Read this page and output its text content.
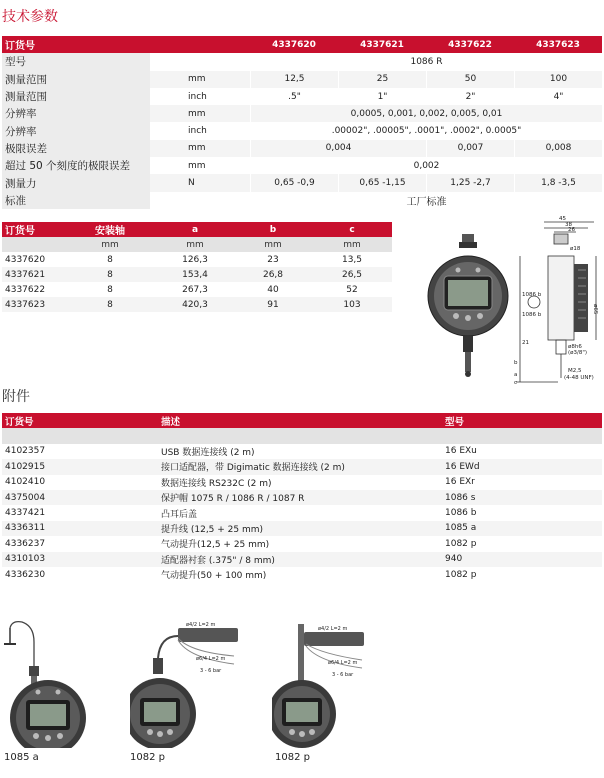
技术参数
订货号		4337620	4337621	4337622	4337623
型号		1086 R			
测量范围	mm	12,5	25	50	100
测量范围	inch	.5"	1"	2"	4"
分辨率	mm	0,0005, 0,001, 0,002, 0,005, 0,01			
分辨率	inch	.00002", .00005", .0001", .0002", 0.0005"			
极限误差	mm	0,004		0,007	0,008
超过 50 个刻度的极限误差	mm	0,002			
测量力	N	0,65 -0,9	0,65 -1,15	1,25 -2,7	1,8 -3,5
标准		工厂标准			
订货号	安装轴	a	b	c
	mm	mm	mm	mm
4337620	8	126,3	23	13,5
4337621	8	153,4	26,8	26,5
4337622	8	267,3	40	52
4337623	8	420,3	91	103
45
38
26
ø18
ø65
1086 b
21
ø8h6
(ø3/8")
M2,5
(4-48 UNF)
a
b
c
1086 b
附件
订货号	描述	型号

4102357	USB 数据连接线 (2 m)	16 EXu
4102915	接口适配器，带 Digimatic 数据连接线 (2 m)	16 EWd
4102410	数据连接线 RS232C (2 m)	16 EXr
4375004	保护帽 1075 R / 1086 R / 1087 R	1086 s
4337421	凸耳后盖	1086 b
4336311	提升线 (12,5 + 25 mm)	1085 a
4336237	气动提升(12,5 + 25 mm)	1082 p
4310103	适配器衬套 (.375" / 8 mm)	940
4336230	气动提升(50 + 100 mm)	1082 p
ø4/2 L=2 m
ø6/4 L=2 m
3 - 6 bar
ø4/2 L=2 m
ø6/4 L=2 m
3 - 6 bar
1085 a	1082 p	1082 p
